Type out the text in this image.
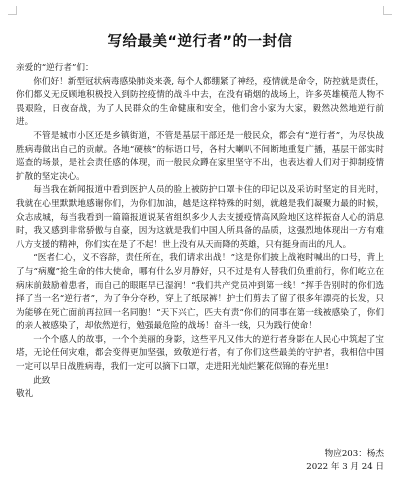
写给最美“逆行者”的一封信

亲爱的“逆行者”们：

你们好！新型冠状病毒感染肺炎来袭, 每个人都绷紧了神经，疫情就是命令，防控就是责任，你们都义无反顾地积极投入到防控疫情的战斗中去，在没有硝烟的战场上，许多英雄模范人物不畏艰险，日夜奋战，为了人民群众的生命健康和安全，他们舍小家为大家，毅然决然地逆行前进。

不管是城市小区还是乡镇街道，不管是基层干部还是一般民众，都会有“逆行者”，为尽快战胜病毒做出自己的贡献。各地“硬核”的标语口号，各村大喇叭不间断地重复广播，基层干部实时巡查的场景，是社会责任感的体现，而一般民众蹲在家里坚守不出，也表达着人们对于抑制疫情扩散的坚定决心。

每当我在新闻报道中看到医护人员的脸上被防护口罩卡住的印记以及采访时坚定的目光时，我就在心里默默地感谢你们，为你们加油，越是这样特殊的时刻，就越是我们凝聚力最的时候，众志成城，每当我看到一篇篇报道说某省组织多少人去支援疫情高风险地区这样振奋人心的消息时，我又感到非常骄傲与自豪，因为这就是我们中国人所具备的品质，这强烈地体现出一方有难八方支援的精神，你们实在是了不起！世上没有从天而降的英雄，只有挺身而出的凡人。

“医者仁心，义不容辞，责任所在，我们请求出战！”这是你们披上战袍时喊出的口号，背上了与“病魔”抢生命的伟大使命，哪有什么岁月静好，只不过是有人替我们负重前行，你们屹立在病床前鼓励着患者，而自己的眼眶早已湿润！“我们共产党员冲到第一线！”挥手告别时的你们选择了当一名“逆行者”，为了争分夺秒，穿上了纸尿裤！护士们剪去了留了很多年漂亮的长发，只为能够在死亡面前再拉回一名同胞！“天下兴亡，匹夫有责”你们的同事在第一线被感染了，你们的亲人被感染了，却依然逆行，勉强最危险的战场！奋斗一线，只为践行使命！

一个个感人的故事，一个个美丽的身影，这些平凡又伟大的逆行者身影在人民心中筑起了宝塔，无论任何灾难，都会变得更加坚强，致敬逆行者，有了你们这些最美的守护者，我相信中国一定可以早日战胜病毒，我们一定可以摘下口罩，走进阳光灿烂繁花似锦的春光里!

此致

敬礼

物应203：杨杰
2022 年 3 月 24 日
